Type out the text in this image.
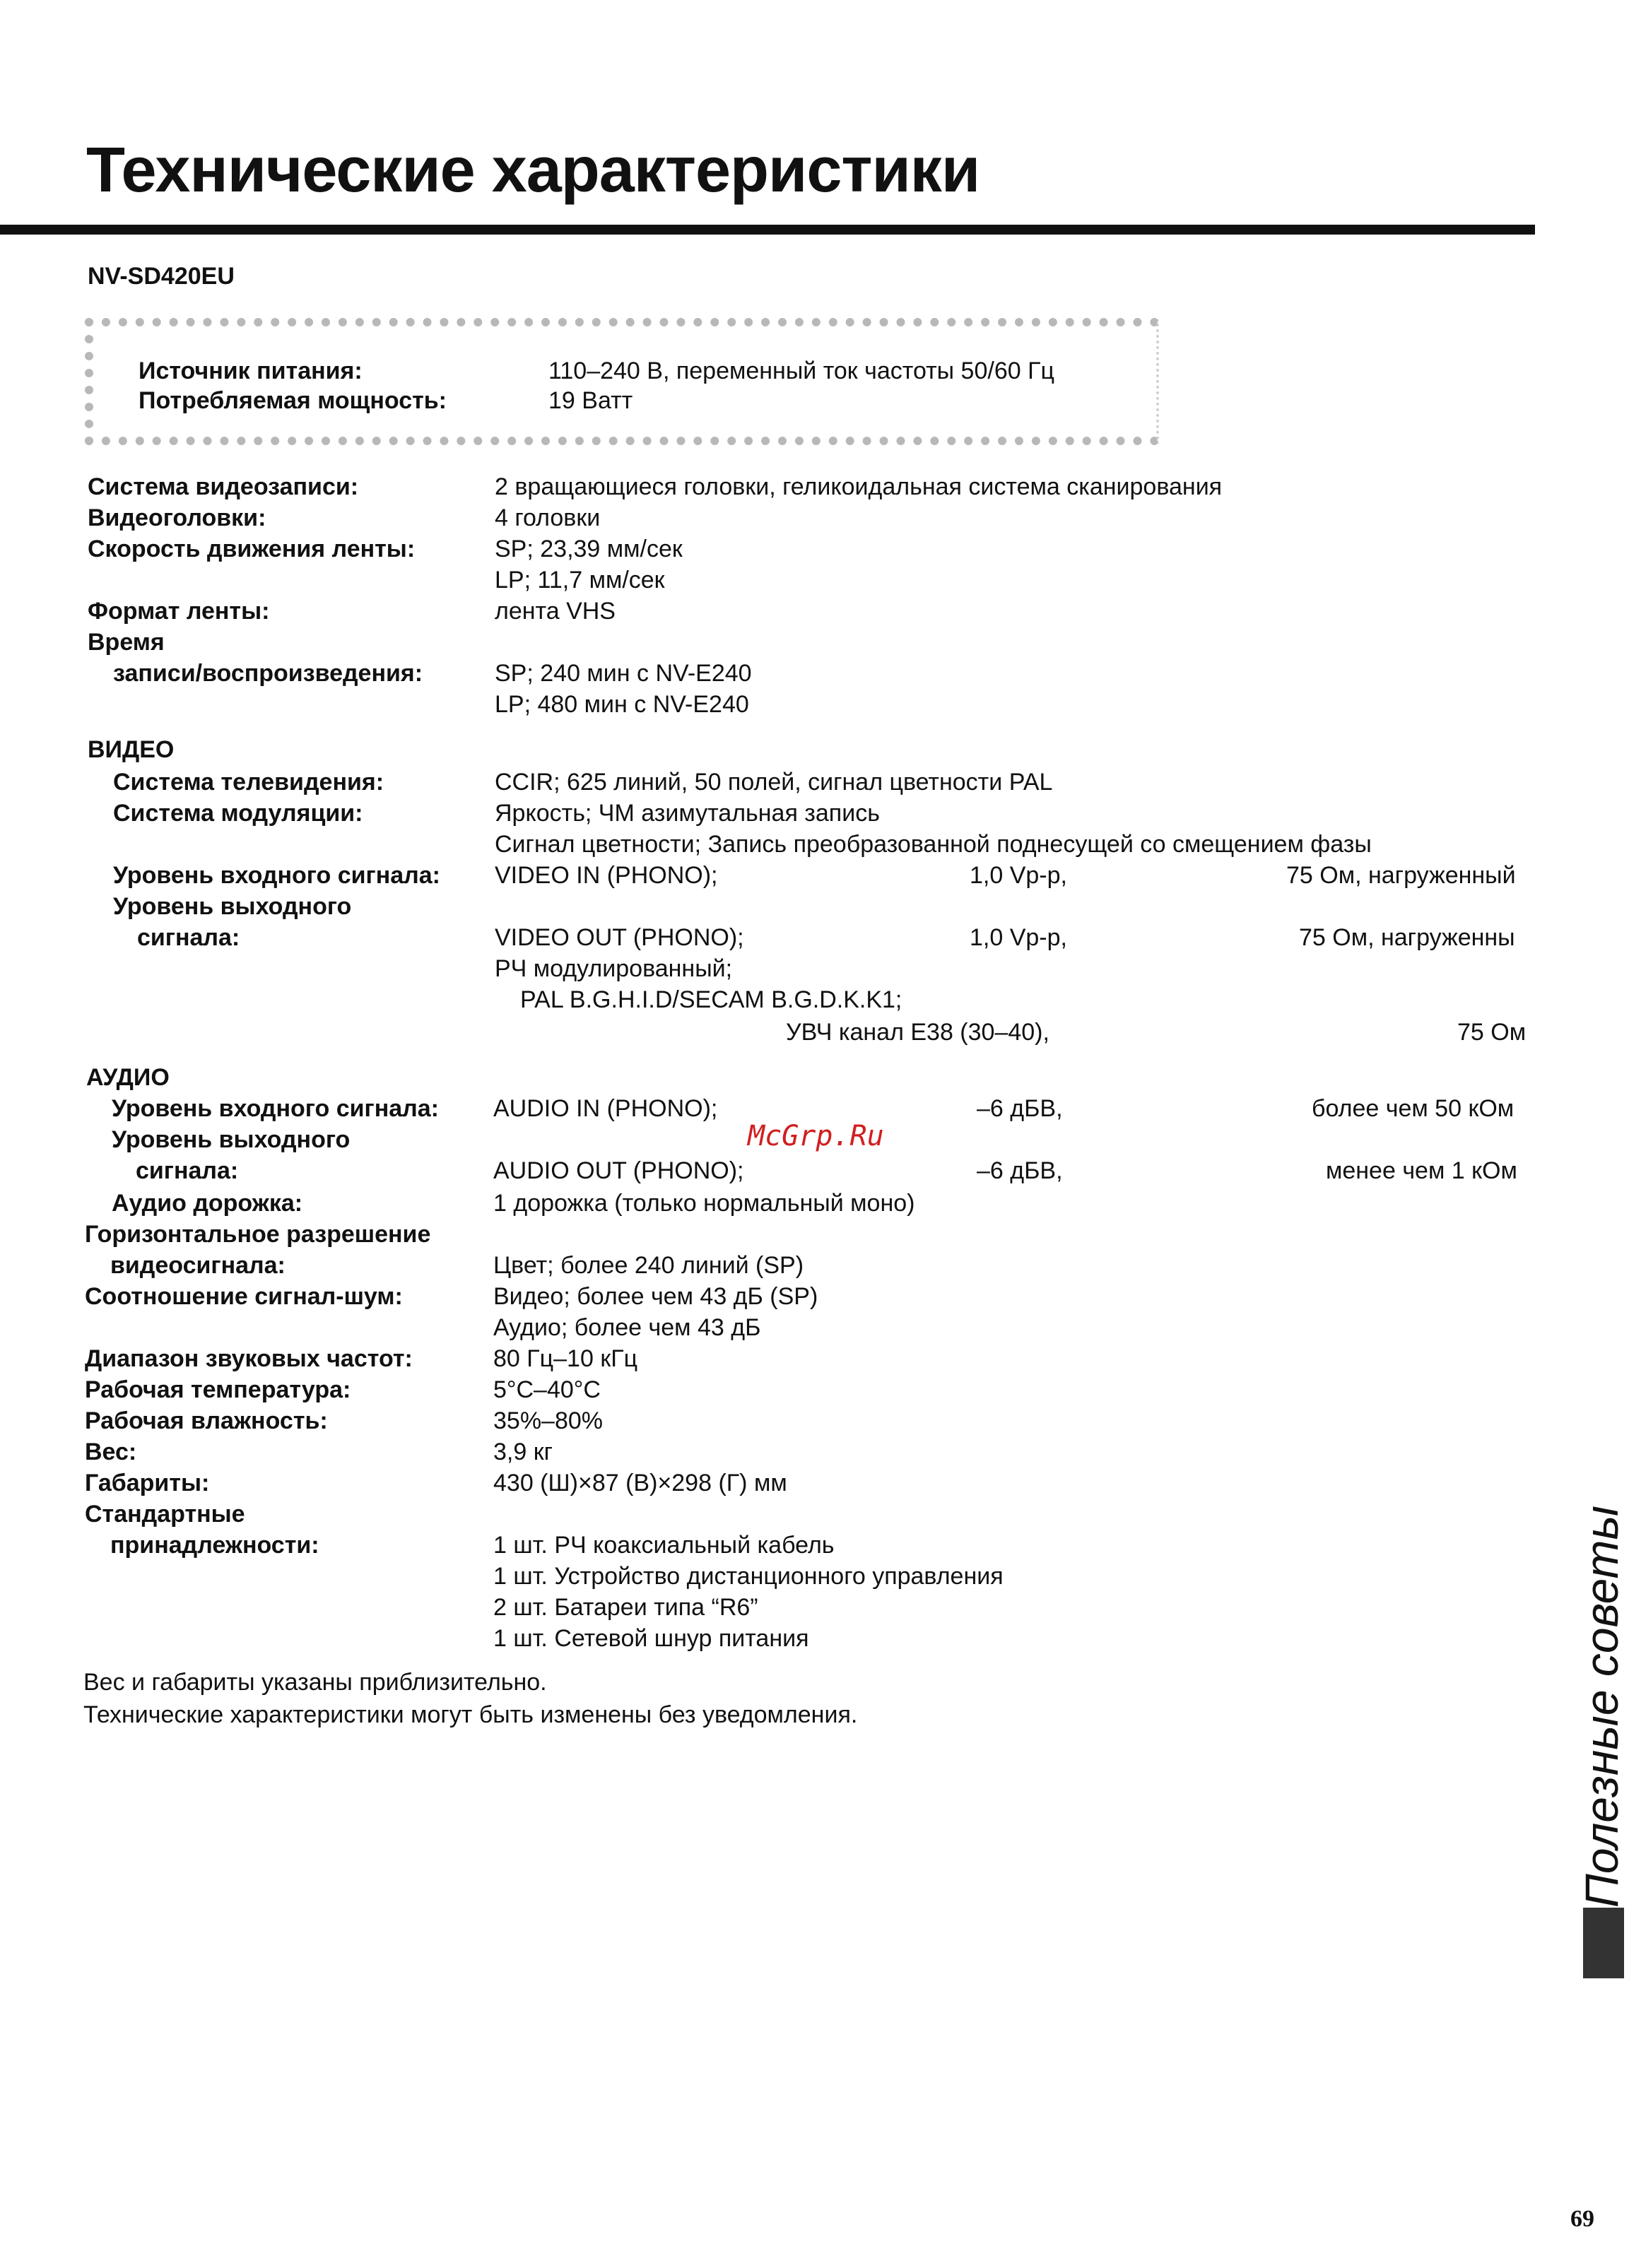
Технические характеристики
NV-SD420EU
Источник питания:	110–240 В, переменный ток частоты 50/60 Гц
Потребляемая мощность:	19 Ватт
Система видеозаписи:	2 вращающиеся головки, геликоидальная система сканирования
Видеоголовки:	4 головки
Скорость движения ленты:	SP; 23,39 мм/сек
LP; 11,7 мм/сек
Формат ленты:	лента VHS
Время
записи/воспроизведения:	SP; 240 мин с NV-E240
LP; 480 мин с NV-E240
ВИДЕО
Система телевидения:	CCIR; 625 линий, 50 полей, сигнал цветности PAL
Система модуляции:	Яркость; ЧМ азимутальная запись
Сигнал цветности; Запись преобразованной поднесущей со смещением фазы
Уровень входного сигнала: VIDEO IN (PHONO);	1,0 Vp-p,	75 Ом, нагруженный
Уровень выходного
сигнала:	VIDEO OUT (PHONO);	1,0 Vp-p,	75 Ом, нагруженны
РЧ модулированный;
PAL B.G.H.I.D/SECAM B.G.D.K.K1;
УВЧ канал E38 (30–40),	75 Ом
АУДИО
Уровень входного сигнала: AUDIO IN (PHONO);	–6 дБВ,	более чем 50 кОм
Уровень выходного
сигнала:	AUDIO OUT (PHONO);	–6 дБВ,	менее чем 1 кОм
Аудио дорожка:	1 дорожка (только нормальный моно)
Горизонтальное разрешение
видеосигнала:	Цвет; более 240 линий (SP)
Соотношение сигнал-шум:	Видео; более чем 43 дБ (SP)
Аудио; более чем 43 дБ
Диапазон звуковых частот:	80 Гц–10 кГц
Рабочая температура:	5°C–40°C
Рабочая влажность:	35%–80%
Вес:	3,9 кг
Габариты:	430 (Ш)×87 (В)×298 (Г) мм
Стандартные
принадлежности:	1 шт. РЧ коаксиальный кабель
1 шт. Устройство дистанционного управления
2 шт. Батареи типа “R6”
1 шт. Сетевой шнур питания
Вес и габариты указаны приблизительно.
Технические характеристики могут быть изменены без уведомления.
McGrp.Ru
Полезные советы
69
